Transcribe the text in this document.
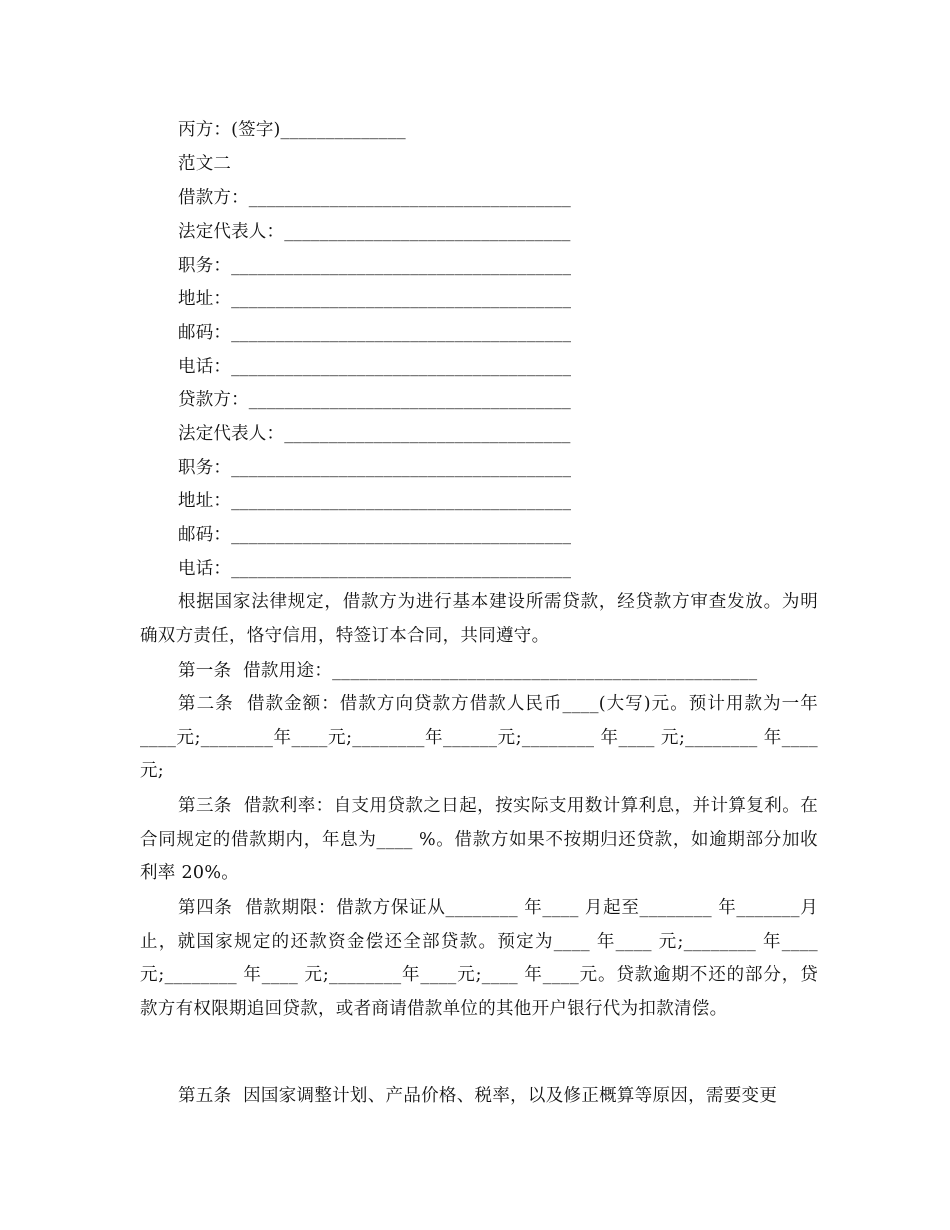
丙方：(签字)______________
范文二
借款方：____________________________________
法定代表人：________________________________
职务：______________________________________
地址：______________________________________
邮码：______________________________________
电话：______________________________________
贷款方：____________________________________
法定代表人：________________________________
职务：______________________________________
地址：______________________________________
邮码：______________________________________
电话：______________________________________
根据国家法律规定，借款方为进行基本建设所需贷款，经贷款方审查发放。为明确双方责任，恪守信用，特签订本合同，共同遵守。
第一条  借款用途：_______________________________________________
第二条  借款金额：借款方向贷款方借款人民币____(大写)元。预计用款为一年____元;________年____元;________年______元;________ 年____ 元;________ 年____元;
第三条  借款利率：自支用贷款之日起，按实际支用数计算利息，并计算复利。在合同规定的借款期内，年息为____ %。借款方如果不按期归还贷款，如逾期部分加收利率 20%。
第四条  借款期限：借款方保证从________ 年____ 月起至________ 年_______月止，就国家规定的还款资金偿还全部贷款。预定为____ 年____ 元;________ 年____ 元;________ 年____ 元;________年____元;____ 年____元。贷款逾期不还的部分，贷款方有权限期追回贷款，或者商请借款单位的其他开户银行代为扣款清偿。
第五条  因国家调整计划、产品价格、税率，以及修正概算等原因，需要变更
